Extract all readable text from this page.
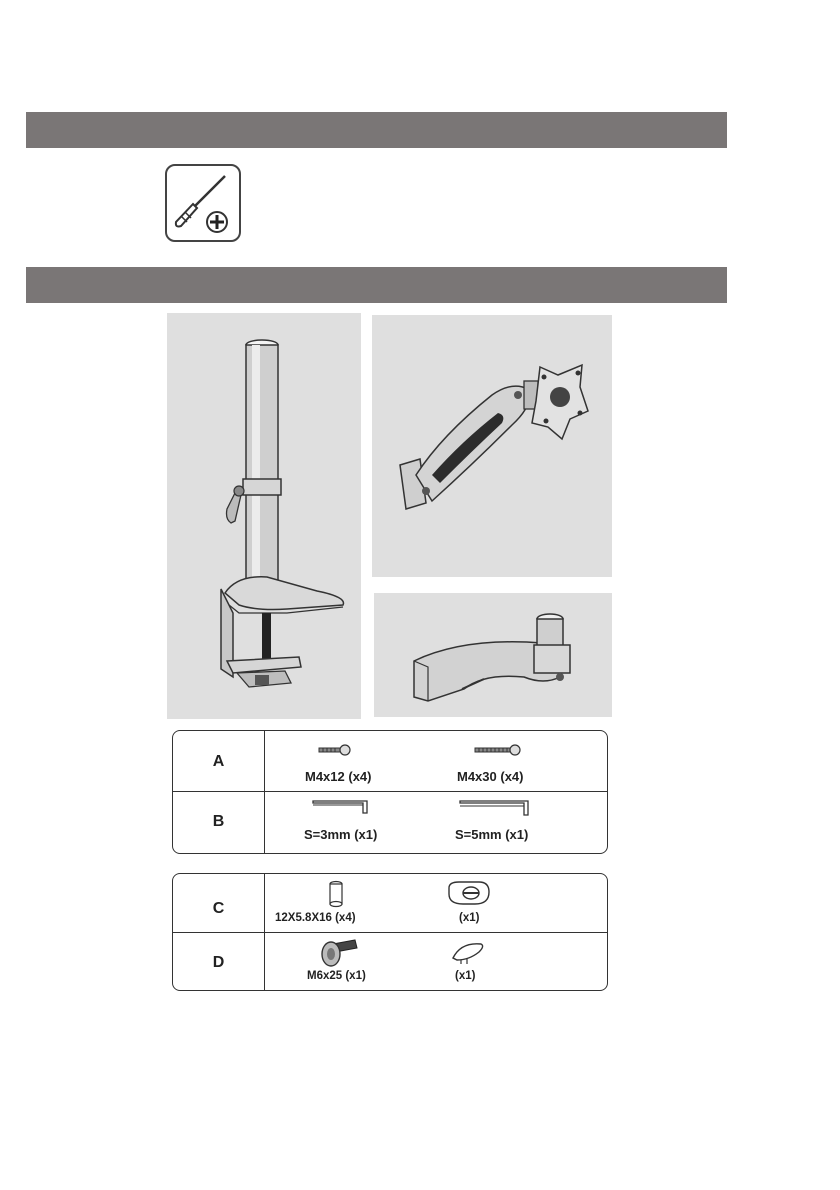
A
M4x12 (x4)	M4x30 (x4)
B
S=3mm (x1)	S=5mm (x1)
C
12X5.8X16 (x4)	(x1)
D
M6x25 (x1)	(x1)
